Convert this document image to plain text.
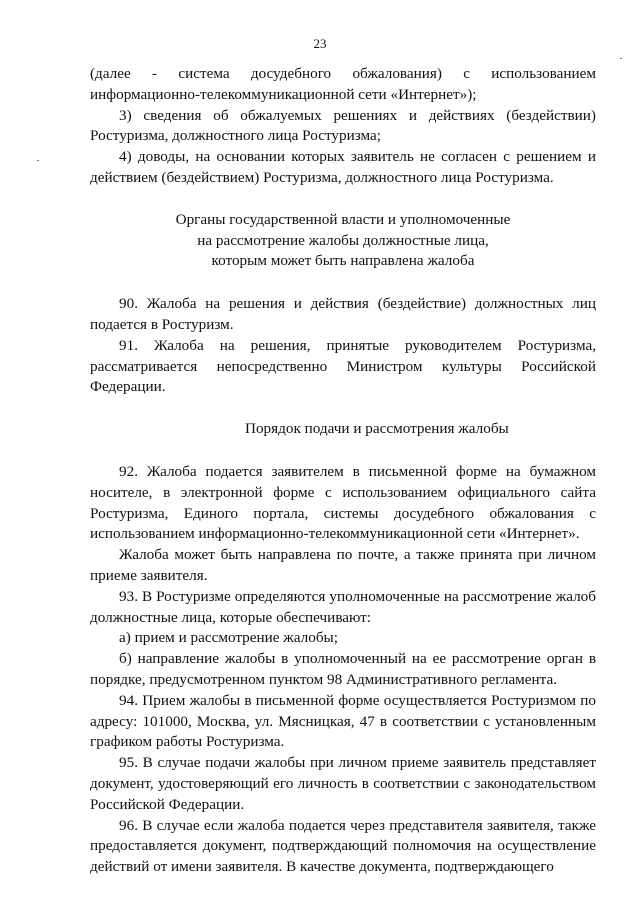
23

(далее - система досудебного обжалования) с использованием информационно-телекоммуникационной сети «Интернет»);

3) сведения об обжалуемых решениях и действиях (бездействии) Ростуризма, должностного лица Ростуризма;

4) доводы, на основании которых заявитель не согласен с решением и действием (бездействием) Ростуризма, должностного лица Ростуризма.

Органы государственной власти и уполномоченные

на рассмотрение жалобы должностные лица,

которым может быть направлена жалоба

90. Жалоба на решения и действия (бездействие) должностных лиц подается в Ростуризм.

91. Жалоба на решения, принятые руководителем Ростуризма, рассматривается непосредственно Министром культуры Российской Федерации.

Порядок подачи и рассмотрения жалобы

92. Жалоба подается заявителем в письменной форме на бумажном носителе, в электронной форме с использованием официального сайта Ростуризма, Единого портала, системы досудебного обжалования с использованием информационно-телекоммуникационной сети «Интернет».

Жалоба может быть направлена по почте, а также принята при личном приеме заявителя.

93. В Ростуризме определяются уполномоченные на рассмотрение жалоб должностные лица, которые обеспечивают:

а) прием и рассмотрение жалобы;

б) направление жалобы в уполномоченный на ее рассмотрение орган в порядке, предусмотренном пунктом 98 Административного регламента.

94. Прием жалобы в письменной форме осуществляется Ростуризмом по адресу: 101000, Москва, ул. Мясницкая, 47 в соответствии с установленным графиком работы Ростуризма.

95. В случае подачи жалобы при личном приеме заявитель представляет документ, удостоверяющий его личность в соответствии с законодательством Российской Федерации.

96. В случае если жалоба подается через представителя заявителя, также предоставляется документ, подтверждающий полномочия на осуществление действий от имени заявителя. В качестве документа, подтверждающего
